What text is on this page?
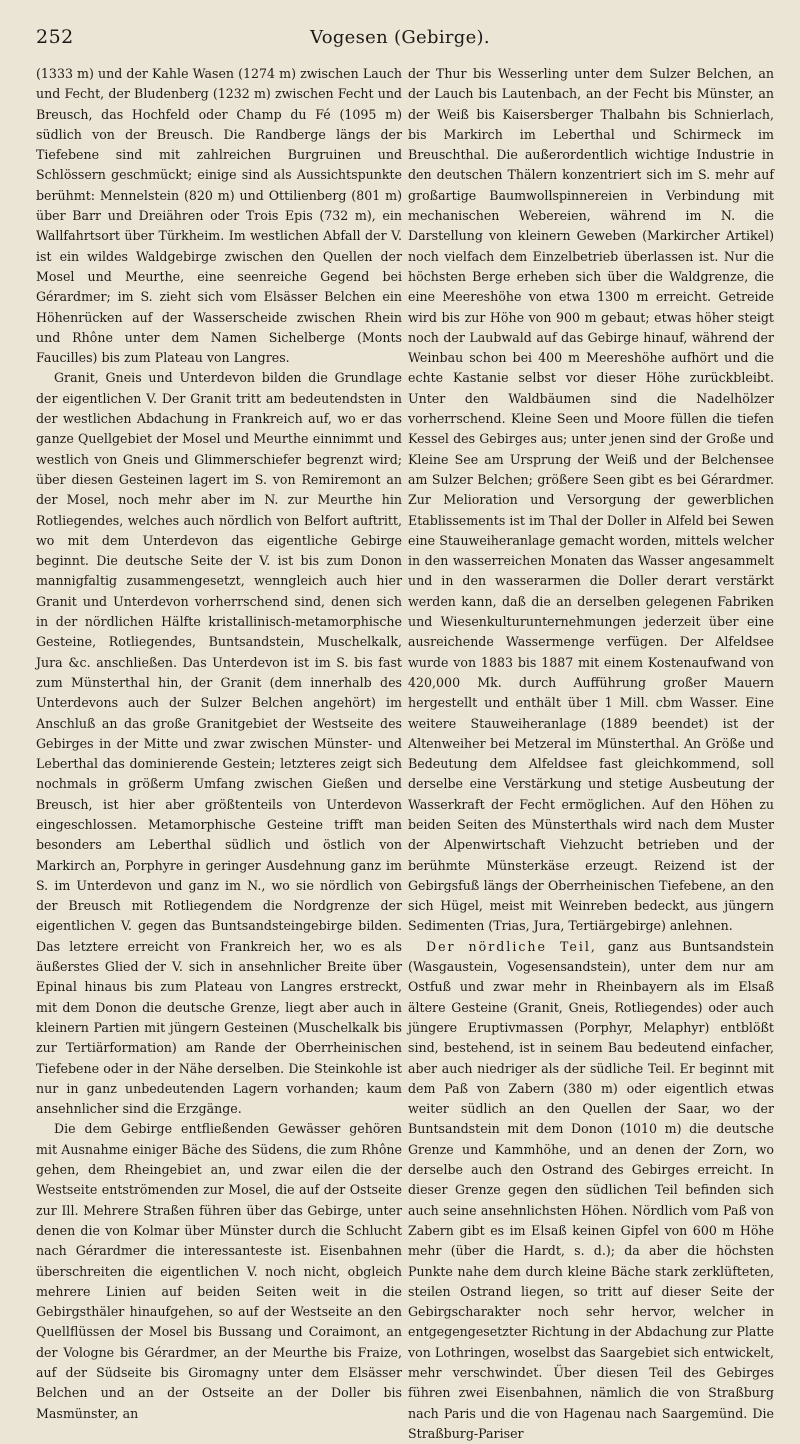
252	Vogesen (Gebirge).

(1333 m) und der Kahle Wasen (1274 m) zwischen Lauch und Fecht, der Bludenberg (1232 m) zwischen Fecht und Breusch, das Hochfeld oder Champ du Fé (1095 m) südlich von der Breusch. Die Randberge längs der Tiefebene sind mit zahlreichen Burgruinen und Schlössern geschmückt; einige sind als Aussichtspunkte berühmt: Mennelstein (820 m) und Ottilienberg (801 m) über Barr und Dreiähren oder Trois Epis (732 m), ein Wallfahrtsort über Türkheim. Im westlichen Abfall der V. ist ein wildes Waldgebirge zwischen den Quellen der Mosel und Meurthe, eine seenreiche Gegend bei Gérardmer; im S. zieht sich vom Elsässer Belchen ein Höhenrücken auf der Wasserscheide zwischen Rhein und Rhône unter dem Namen Sichelberge (Monts Faucilles) bis zum Plateau von Langres.

Granit, Gneis und Unterdevon bilden die Grundlage der eigentlichen V. Der Granit tritt am bedeutendsten in der westlichen Abdachung in Frankreich auf, wo er das ganze Quellgebiet der Mosel und Meurthe einnimmt und westlich von Gneis und Glimmerschiefer begrenzt wird; über diesen Gesteinen lagert im S. von Remiremont an der Mosel, noch mehr aber im N. zur Meurthe hin Rotliegendes, welches auch nördlich von Belfort auftritt, wo mit dem Unterdevon das eigentliche Gebirge beginnt. Die deutsche Seite der V. ist bis zum Donon mannigfaltig zusammengesetzt, wenngleich auch hier Granit und Unterdevon vorherrschend sind, denen sich in der nördlichen Hälfte kristallinisch-metamorphische Gesteine, Rotliegendes, Buntsandstein, Muschelkalk, Jura &c. anschließen. Das Unterdevon ist im S. bis fast zum Münsterthal hin, der Granit (dem innerhalb des Unterdevons auch der Sulzer Belchen angehört) im Anschluß an das große Granitgebiet der Westseite des Gebirges in der Mitte und zwar zwischen Münster- und Leberthal das dominierende Gestein; letzteres zeigt sich nochmals in größerm Umfang zwischen Gießen und Breusch, ist hier aber größtenteils von Unterdevon eingeschlossen. Metamorphische Gesteine trifft man besonders am Leberthal südlich und östlich von Markirch an, Porphyre in geringer Ausdehnung ganz im S. im Unterdevon und ganz im N., wo sie nördlich von der Breusch mit Rotliegendem die Nordgrenze der eigentlichen V. gegen das Buntsandsteingebirge bilden. Das letztere erreicht von Frankreich her, wo es als äußerstes Glied der V. sich in ansehnlicher Breite über Epinal hinaus bis zum Plateau von Langres erstreckt, mit dem Donon die deutsche Grenze, liegt aber auch in kleinern Partien mit jüngern Gesteinen (Muschelkalk bis zur Tertiärformation) am Rande der Oberrheinischen Tiefebene oder in der Nähe derselben. Die Steinkohle ist nur in ganz unbedeutenden Lagern vorhanden; kaum ansehnlicher sind die Erzgänge.

Die dem Gebirge entfließenden Gewässer gehören mit Ausnahme einiger Bäche des Südens, die zum Rhône gehen, dem Rheingebiet an, und zwar eilen die der Westseite entströmenden zur Mosel, die auf der Ostseite zur Ill. Mehrere Straßen führen über das Gebirge, unter denen die von Kolmar über Münster durch die Schlucht nach Gérardmer die interessanteste ist. Eisenbahnen überschreiten die eigentlichen V. noch nicht, obgleich mehrere Linien auf beiden Seiten weit in die Gebirgsthäler hinaufgehen, so auf der Westseite an den Quellflüssen der Mosel bis Bussang und Coraimont, an der Vologne bis Gérardmer, an der Meurthe bis Fraize, auf der Südseite bis Giromagny unter dem Elsässer Belchen und an der Ostseite an der Doller bis Masmünster, an

der Thur bis Wesserling unter dem Sulzer Belchen, an der Lauch bis Lautenbach, an der Fecht bis Münster, an der Weiß bis Kaisersberger Thalbahn bis Schnierlach, bis Markirch im Leberthal und Schirmeck im Breuschthal. Die außerordentlich wichtige Industrie in den deutschen Thälern konzentriert sich im S. mehr auf großartige Baumwollspinnereien in Verbindung mit mechanischen Webereien, während im N. die Darstellung von kleinern Geweben (Markircher Artikel) noch vielfach dem Einzelbetrieb überlassen ist. Nur die höchsten Berge erheben sich über die Waldgrenze, die eine Meereshöhe von etwa 1300 m erreicht. Getreide wird bis zur Höhe von 900 m gebaut; etwas höher steigt noch der Laubwald auf das Gebirge hinauf, während der Weinbau schon bei 400 m Meereshöhe aufhört und die echte Kastanie selbst vor dieser Höhe zurückbleibt. Unter den Waldbäumen sind die Nadelhölzer vorherrschend. Kleine Seen und Moore füllen die tiefen Kessel des Gebirges aus; unter jenen sind der Große und Kleine See am Ursprung der Weiß und der Belchensee am Sulzer Belchen; größere Seen gibt es bei Gérardmer. Zur Melioration und Versorgung der gewerblichen Etablissements ist im Thal der Doller in Alfeld bei Sewen eine Stauweiheranlage gemacht worden, mittels welcher in den wasserreichen Monaten das Wasser angesammelt und in den wasserarmen die Doller derart verstärkt werden kann, daß die an derselben gelegenen Fabriken und Wiesenkulturunternehmungen jederzeit über eine ausreichende Wassermenge verfügen. Der Alfeldsee wurde von 1883 bis 1887 mit einem Kostenaufwand von 420,000 Mk. durch Aufführung großer Mauern hergestellt und enthält über 1 Mill. cbm Wasser. Eine weitere Stauweiheranlage (1889 beendet) ist der Altenweiher bei Metzeral im Münsterthal. An Größe und Bedeutung dem Alfeldsee fast gleichkommend, soll derselbe eine Verstärkung und stetige Ausbeutung der Wasserkraft der Fecht ermöglichen. Auf den Höhen zu beiden Seiten des Münsterthals wird nach dem Muster der Alpenwirtschaft Viehzucht betrieben und der berühmte Münsterkäse erzeugt. Reizend ist der Gebirgsfuß längs der Oberrheinischen Tiefebene, an den sich Hügel, meist mit Weinreben bedeckt, aus jüngern Sedimenten (Trias, Jura, Tertiärgebirge) anlehnen.

Der nördliche Teil, ganz aus Buntsandstein (Wasgaustein, Vogesensandstein), unter dem nur am Ostfuß und zwar mehr in Rheinbayern als im Elsaß ältere Gesteine (Granit, Gneis, Rotliegendes) oder auch jüngere Eruptivmassen (Porphyr, Melaphyr) entblößt sind, bestehend, ist in seinem Bau bedeutend einfacher, aber auch niedriger als der südliche Teil. Er beginnt mit dem Paß von Zabern (380 m) oder eigentlich etwas weiter südlich an den Quellen der Saar, wo der Buntsandstein mit dem Donon (1010 m) die deutsche Grenze und Kammhöhe, und an denen der Zorn, wo derselbe auch den Ostrand des Gebirges erreicht. In dieser Grenze gegen den südlichen Teil befinden sich auch seine ansehnlichsten Höhen. Nördlich vom Paß von Zabern gibt es im Elsaß keinen Gipfel von 600 m Höhe mehr (über die Hardt, s. d.); da aber die höchsten Punkte nahe dem durch kleine Bäche stark zerklüfteten, steilen Ostrand liegen, so tritt auf dieser Seite der Gebirgscharakter noch sehr hervor, welcher in entgegengesetzter Richtung in der Abdachung zur Platte von Lothringen, woselbst das Saargebiet sich entwickelt, mehr verschwindet. Über diesen Teil des Gebirges führen zwei Eisenbahnen, nämlich die von Straßburg nach Paris und die von Hagenau nach Saargemünd. Die Straßburg-Pariser
